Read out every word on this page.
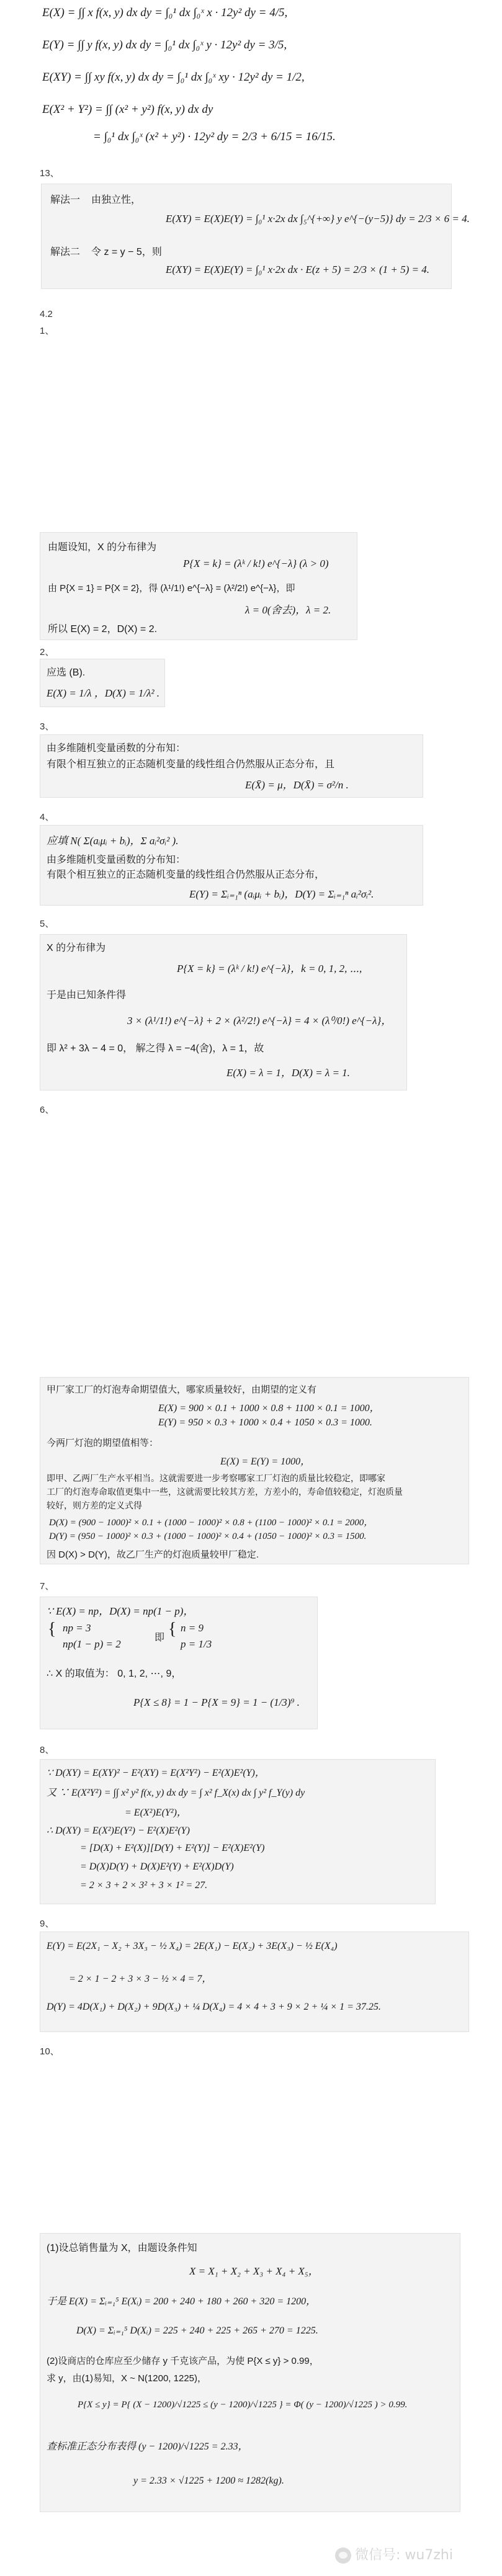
E(X) = ∫∫ x f(x, y) dx dy = ∫₀¹ dx ∫₀ˣ x · 12y² dy = 4/5,
E(Y) = ∫∫ y f(x, y) dx dy = ∫₀¹ dx ∫₀ˣ y · 12y² dy = 3/5,
E(XY) = ∫∫ xy f(x, y) dx dy = ∫₀¹ dx ∫₀ˣ xy · 12y² dy = 1/2,
E(X² + Y²) = ∫∫ (x² + y²) f(x, y) dx dy
= ∫₀¹ dx ∫₀ˣ (x² + y²) · 12y² dy = 2/3 + 6/15 = 16/15.
13、
解法一 由独立性，
E(XY) = E(X)E(Y) = ∫₀¹ x·2x dx ∫₅^{+∞} y e^{−(y−5)} dy = 2/3 × 6 = 4.
解法二 令 z = y − 5，则
E(XY) = E(X)E(Y) = ∫₀¹ x·2x dx · E(z + 5) = 2/3 × (1 + 5) = 4.
4.2
1、
由题设知，X 的分布律为
P{X = k} = (λᵏ / k!) e^{−λ} (λ > 0)
由 P{X = 1} = P{X = 2}，得 (λ¹/1!) e^{−λ} = (λ²/2!) e^{−λ}，即
λ = 0(舍去)，λ = 2.
所以 E(X) = 2，D(X) = 2.
2、
应选 (B).
E(X) = 1/λ ，D(X) = 1/λ² .
3、
由多维随机变量函数的分布知：
有限个相互独立的正态随机变量的线性组合仍然服从正态分布，且
E(X̄) = μ，D(X̄) = σ²/n .
4、
应填 N( Σ(aᵢμᵢ + bᵢ)，Σ aᵢ²σᵢ² ).
由多维随机变量函数的分布知：
有限个相互独立的正态随机变量的线性组合仍然服从正态分布，
E(Y) = Σᵢ₌₁ⁿ (aᵢμᵢ + bᵢ)，D(Y) = Σᵢ₌₁ⁿ aᵢ²σᵢ².
5、
X 的分布律为
P{X = k} = (λᵏ / k!) e^{−λ}，k = 0, 1, 2, ⋯,
于是由已知条件得
3 × (λ¹/1!) e^{−λ} + 2 × (λ²/2!) e^{−λ} = 4 × (λ⁰/0!) e^{−λ}，
即 λ² + 3λ − 4 = 0， 解之得 λ = −4(舍)，λ = 1，故
E(X) = λ = 1，D(X) = λ = 1.
6、
甲厂家工厂的灯泡寿命期望值大，哪家质量较好，由期望的定义有
E(X) = 900 × 0.1 + 1000 × 0.8 + 1100 × 0.1 = 1000，
E(Y) = 950 × 0.3 + 1000 × 0.4 + 1050 × 0.3 = 1000.
今两厂灯泡的期望值相等：
E(X) = E(Y) = 1000，
即甲、乙两厂生产水平相当。这就需要进一步考察哪家工厂灯泡的质量比较稳定，即哪家
工厂的灯泡寿命取值更集中一些，这就需要比较其方差，方差小的，寿命值较稳定，灯泡质量
较好，则方差的定义式得
D(X) = (900 − 1000)² × 0.1 + (1000 − 1000)² × 0.8 + (1100 − 1000)² × 0.1 = 2000，
D(Y) = (950 − 1000)² × 0.3 + (1000 − 1000)² × 0.4 + (1050 − 1000)² × 0.3 = 1500.
因 D(X) > D(Y)，故乙厂生产的灯泡质量较甲厂稳定.
7、
∵ E(X) = np，D(X) = np(1 − p)，
{ np = 3
np(1 − p) = 2
即 { n = 9
p = 1/3
∴ X 的取值为： 0, 1, 2, ⋯, 9，
P{X ≤ 8} = 1 − P{X = 9} = 1 − (1/3)⁹ .
8、
∵ D(XY) = E(XY)² − E²(XY) = E(X²Y²) − E²(X)E²(Y)，
又 ∵ E(X²Y²) = ∫∫ x² y² f(x, y) dx dy = ∫ x² f_X(x) dx ∫ y² f_Y(y) dy
= E(X²)E(Y²)，
∴ D(XY) = E(X²)E(Y²) − E²(X)E²(Y)
= [D(X) + E²(X)][D(Y) + E²(Y)] − E²(X)E²(Y)
= D(X)D(Y) + D(X)E²(Y) + E²(X)D(Y)
= 2 × 3 + 2 × 3² + 3 × 1² = 27.
9、
E(Y) = E(2X₁ − X₂ + 3X₃ − ½ X₄) = 2E(X₁) − E(X₂) + 3E(X₃) − ½ E(X₄)
= 2 × 1 − 2 + 3 × 3 − ½ × 4 = 7，
D(Y) = 4D(X₁) + D(X₂) + 9D(X₃) + ¼ D(X₄) = 4 × 4 + 3 + 9 × 2 + ¼ × 1 = 37.25.
10、
(1)设总销售量为 X，由题设条件知
X = X₁ + X₂ + X₃ + X₄ + X₅，
于是 E(X) = Σᵢ₌₁⁵ E(Xᵢ) = 200 + 240 + 180 + 260 + 320 = 1200，
D(X) = Σᵢ₌₁⁵ D(Xᵢ) = 225 + 240 + 225 + 265 + 270 = 1225.
(2)设商店的仓库应至少储存 y 千克该产品，为使 P{X ≤ y} > 0.99，
求 y，由(1)易知，X ~ N(1200, 1225)，
P{X ≤ y} = P{ (X − 1200)/√1225 ≤ (y − 1200)/√1225 } = Φ( (y − 1200)/√1225 ) > 0.99.
查标准正态分布表得 (y − 1200)/√1225 = 2.33，
y = 2.33 × √1225 + 1200 ≈ 1282(kg).
微信号: wu7zhi
